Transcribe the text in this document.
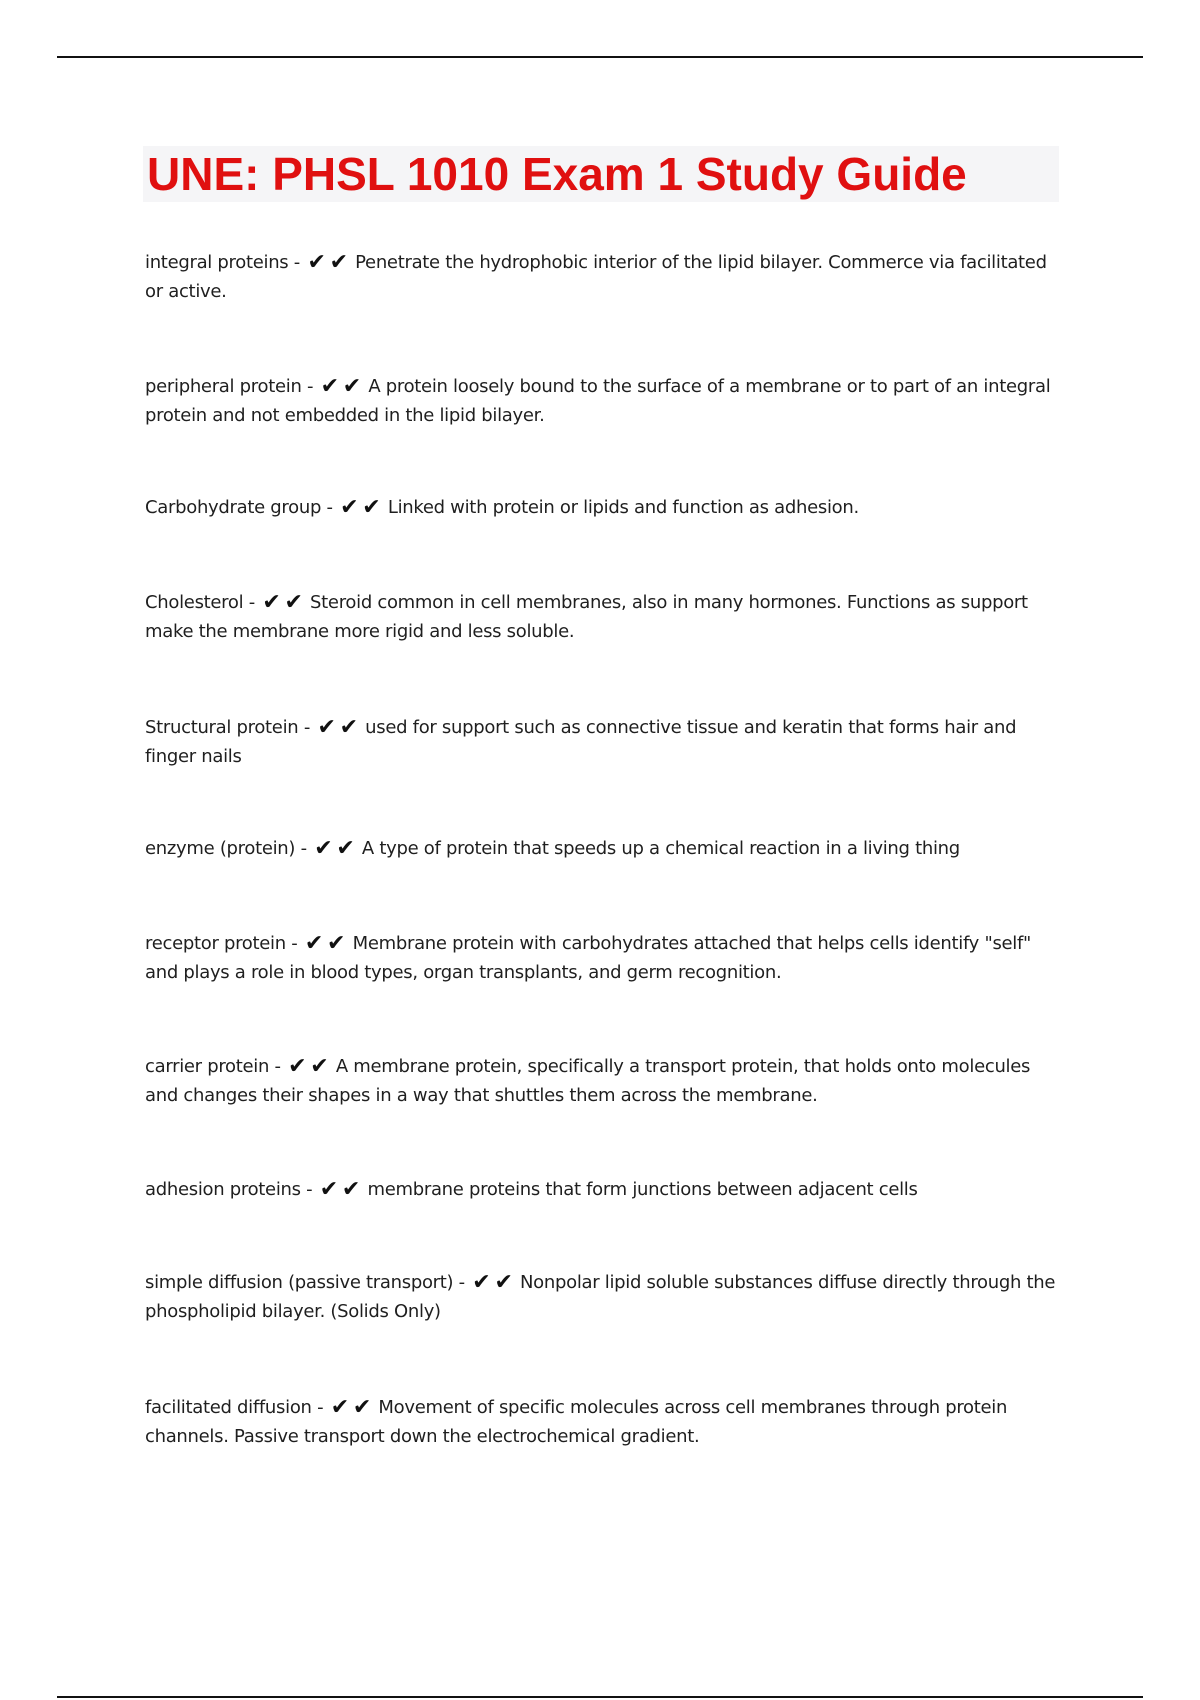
UNE: PHSL 1010 Exam 1 Study Guide
integral proteins - ✔ ✔ Penetrate the hydrophobic interior of the lipid bilayer. Commerce via facilitated or active.
peripheral protein - ✔ ✔ A protein loosely bound to the surface of a membrane or to part of an integral protein and not embedded in the lipid bilayer.
Carbohydrate group - ✔ ✔ Linked with protein or lipids and function as adhesion.
Cholesterol - ✔ ✔ Steroid common in cell membranes, also in many hormones. Functions as support make the membrane more rigid and less soluble.
Structural protein - ✔ ✔ used for support such as connective tissue and keratin that forms hair and finger nails
enzyme (protein) - ✔ ✔ A type of protein that speeds up a chemical reaction in a living thing
receptor protein - ✔ ✔ Membrane protein with carbohydrates attached that helps cells identify "self" and plays a role in blood types, organ transplants, and germ recognition.
carrier protein - ✔ ✔ A membrane protein, specifically a transport protein, that holds onto molecules and changes their shapes in a way that shuttles them across the membrane.
adhesion proteins - ✔ ✔ membrane proteins that form junctions between adjacent cells
simple diffusion (passive transport) - ✔ ✔ Nonpolar lipid soluble substances diffuse directly through the phospholipid bilayer. (Solids Only)
facilitated diffusion - ✔ ✔ Movement of specific molecules across cell membranes through protein channels. Passive transport down the electrochemical gradient.
